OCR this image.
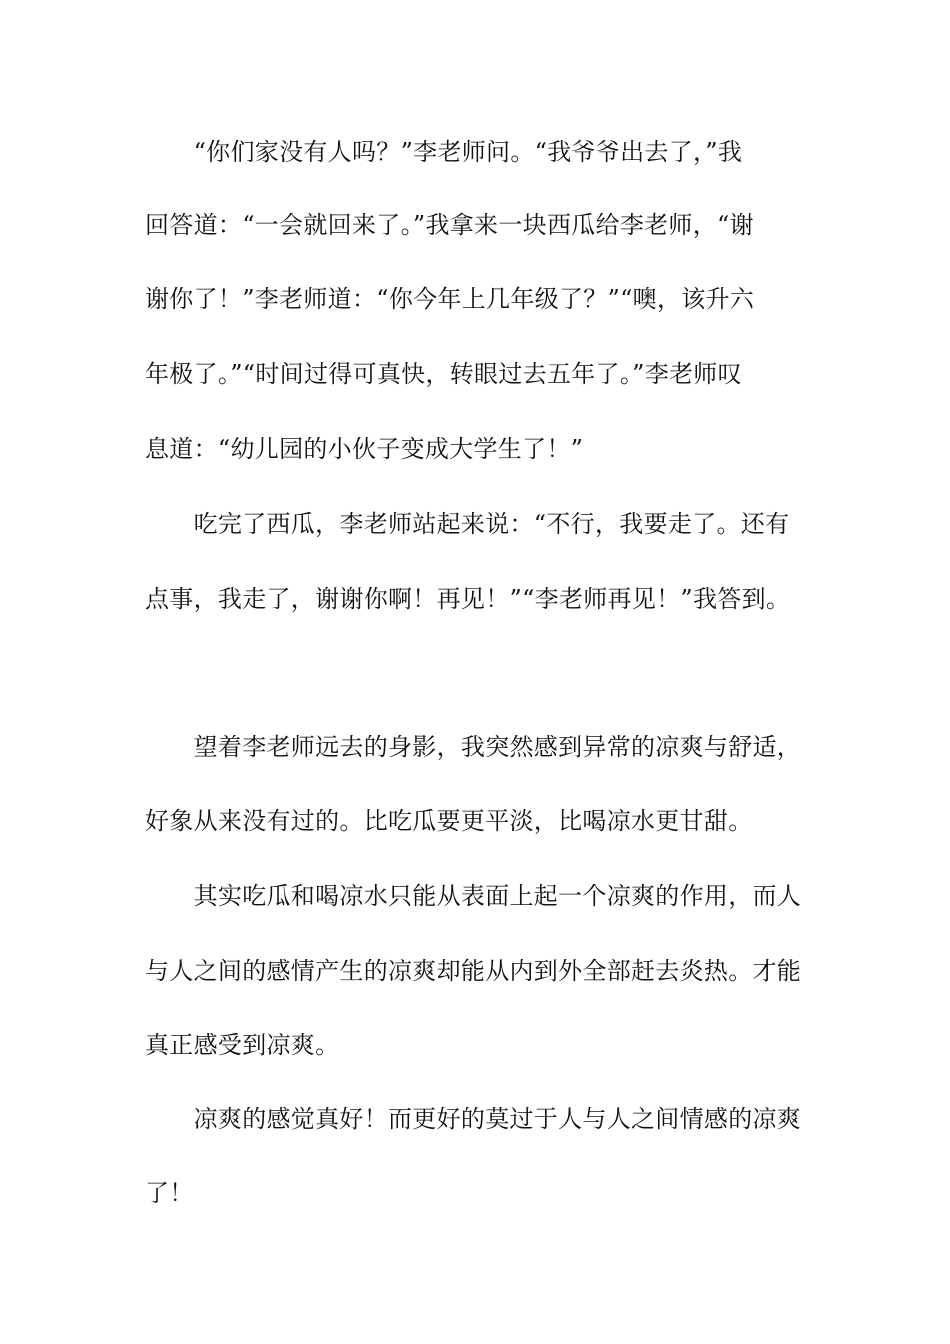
　　“你们家没有人吗？”李老师问。“我爷爷出去了，”我

回答道：“一会就回来了。”我拿来一块西瓜给李老师，“谢

谢你了！”李老师道：“你今年上几年级了？”“噢，该升六

年极了。”“时间过得可真快，转眼过去五年了。”李老师叹

息道：“幼儿园的小伙子变成大学生了！”

　　吃完了西瓜，李老师站起来说：“不行，我要走了。还有

点事，我走了，谢谢你啊！再见！”“李老师再见！”我答到。

　　望着李老师远去的身影，我突然感到异常的凉爽与舒适，

好象从来没有过的。比吃瓜要更平淡，比喝凉水更甘甜。

　　其实吃瓜和喝凉水只能从表面上起一个凉爽的作用，而人

与人之间的感情产生的凉爽却能从内到外全部赶去炎热。才能

真正感受到凉爽。

　　凉爽的感觉真好！而更好的莫过于人与人之间情感的凉爽

了！
